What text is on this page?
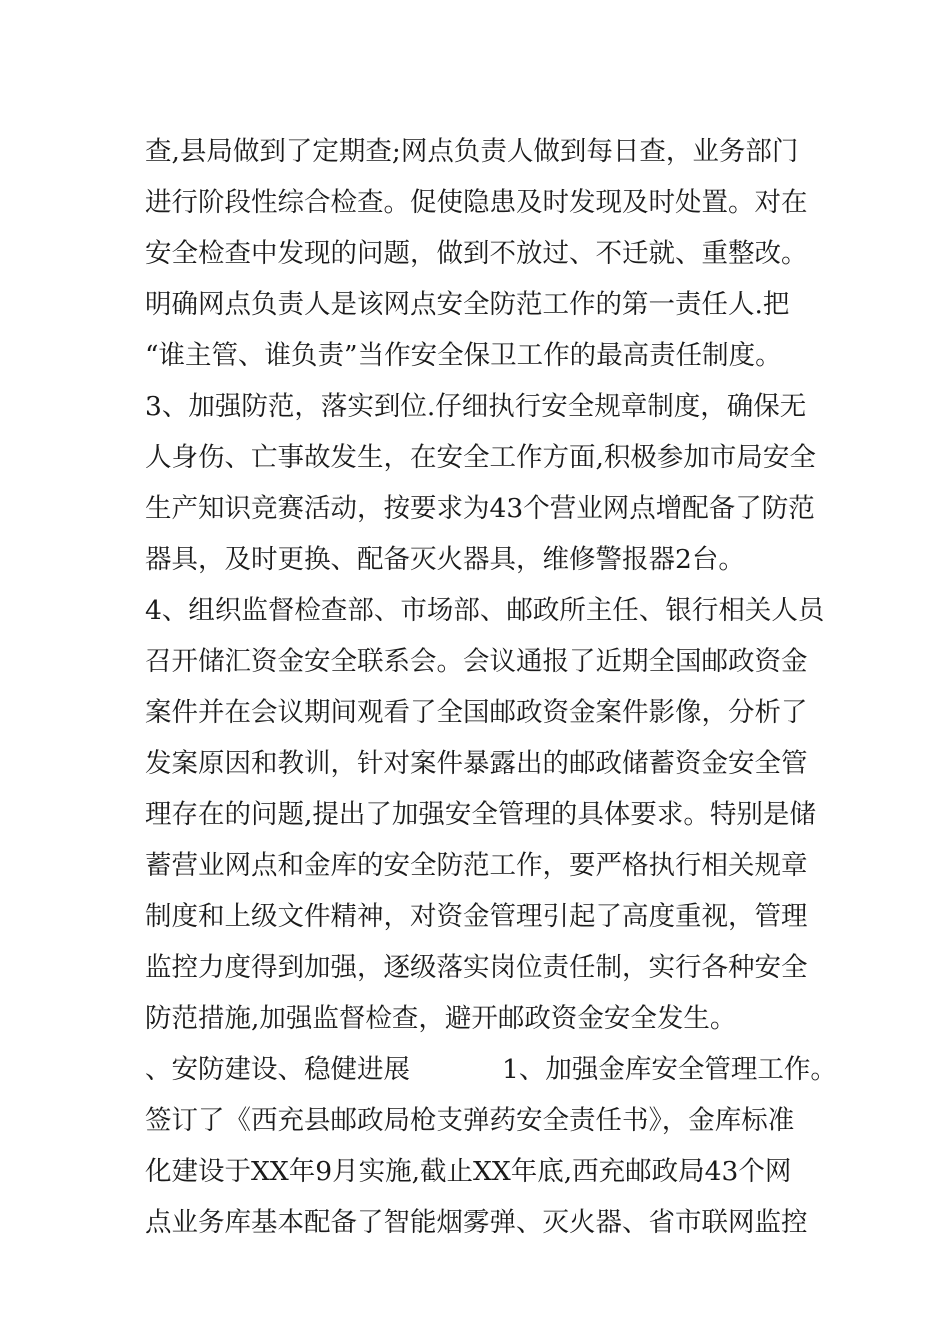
查,县局做到了定期查;网点负责人做到每日查，业务部门
进行阶段性综合检查。促使隐患及时发现及时处置。对在
安全检查中发现的问题，做到不放过、不迁就、重整改。
明确网点负责人是该网点安全防范工作的第一责任人.把
“谁主管、谁负责”当作安全保卫工作的最高责任制度。
3、加强防范，落实到位.仔细执行安全规章制度，确保无
人身伤、亡事故发生，在安全工作方面,积极参加市局安全
生产知识竞赛活动，按要求为43个营业网点增配备了防范
器具，及时更换、配备灭火器具，维修警报器2台。
4、组织监督检查部、市场部、邮政所主任、银行相关人员
召开储汇资金安全联系会。会议通报了近期全国邮政资金
案件并在会议期间观看了全国邮政资金案件影像，分析了
发案原因和教训，针对案件暴露出的邮政储蓄资金安全管
理存在的问题,提出了加强安全管理的具体要求。特别是储
蓄营业网点和金库的安全防范工作，要严格执行相关规章
制度和上级文件精神，对资金管理引起了高度重视，管理
监控力度得到加强，逐级落实岗位责任制，实行各种安全
防范措施,加强监督检查，避开邮政资金安全发生。
、安防建设、稳健进展	1、加强金库安全管理工作。
签订了《西充县邮政局枪支弹药安全责任书》，金库标准
化建设于XX年9月实施,截止XX年底,西充邮政局43个网
点业务库基本配备了智能烟雾弹、灭火器、省市联网监控
